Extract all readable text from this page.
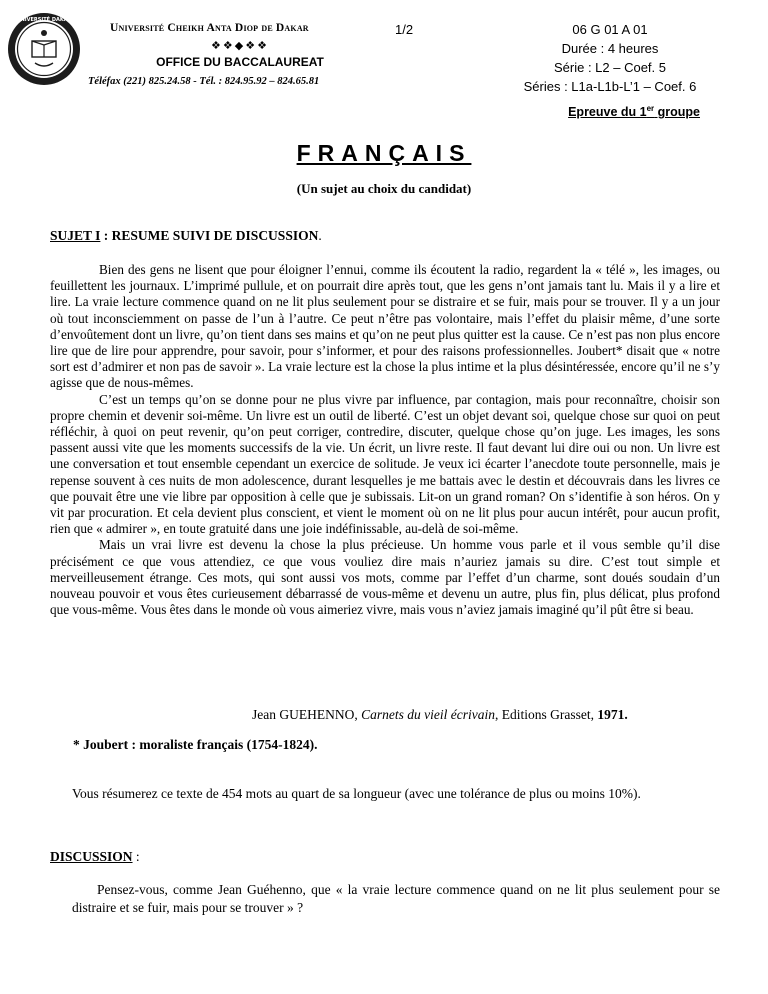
UNIVERSITÉ DAKAR
Université Cheikh Anta Diop de Dakar
❖❖◆❖❖
OFFICE DU BACCALAUREAT
Téléfax (221) 825.24.58 - Tél. : 824.95.92 – 824.65.81
1/2	06 G 01 A 01
Durée : 4 heures
Série : L2 – Coef. 5
Séries : L1a-L1b-L’1 – Coef. 6
Epreuve du 1er groupe
FRANÇAIS
(Un sujet au choix du candidat)
SUJET I : RESUME SUIVI DE DISCUSSION.

Bien des gens ne lisent que pour éloigner l’ennui, comme ils écoutent la radio, regardent la « télé », les images, ou feuillettent les journaux. L’imprimé pullule, et on pourrait dire après tout, que les gens n’ont jamais tant lu. Mais il y a lire et lire. La vraie lecture commence quand on ne lit plus seulement pour se distraire et se fuir, mais pour se trouver. Il y a un jour où tout inconsciemment on passe de l’un à l’autre. Ce peut n’être pas volontaire, mais l’effet du plaisir même, d’une sorte d’envoûtement dont un livre, qu’on tient dans ses mains et qu’on ne peut plus quitter est la cause. Ce n’est pas non plus encore lire que de lire pour apprendre, pour savoir, pour s’informer, et pour des raisons professionnelles. Joubert* disait que « notre sort est d’admirer et non pas de savoir ». La vraie lecture est la chose la plus intime et la plus désintéressée, encore qu’il ne s’y agisse que de nous-mêmes.

C’est un temps qu’on se donne pour ne plus vivre par influence, par contagion, mais pour reconnaître, choisir son propre chemin et devenir soi-même. Un livre est un outil de liberté. C’est un objet devant soi, quelque chose sur quoi on peut réfléchir, à quoi on peut revenir, qu’on peut corriger, contredire, discuter, quelque chose qu’on juge. Les images, les sons passent aussi vite que les moments successifs de la vie. Un écrit, un livre reste. Il faut devant lui dire oui ou non. Un livre est une conversation et tout ensemble cependant un exercice de solitude. Je veux ici écarter l’anecdote toute personnelle, mais je repense souvent à ces nuits de mon adolescence, durant lesquelles je me battais avec le destin et découvrais dans les livres ce que pouvait être une vie libre par opposition à celle que je subissais. Lit-on un grand roman? On s’identifie à son héros. On y vit par procuration. Et cela devient plus conscient, et vient le moment où on ne lit plus pour aucun intérêt, pour aucun profit, rien que « admirer », en toute gratuité dans une joie indéfinissable, au-delà de soi-même.

Mais un vrai livre est devenu la chose la plus précieuse. Un homme vous parle et il vous semble qu’il dise précisément ce que vous attendiez, ce que vous vouliez dire mais n’auriez jamais su dire. C’est tout simple et merveilleusement étrange. Ces mots, qui sont aussi vos mots, comme par l’effet d’un charme, sont doués soudain d’un nouveau pouvoir et vous êtes curieusement débarrassé de vous-même et devenu un autre, plus fin, plus délicat, plus profond que vous-même. Vous êtes dans le monde où vous aimeriez vivre, mais vous n’aviez jamais imaginé qu’il pût être si beau.

Jean GUEHENNO, Carnets du vieil écrivain, Editions Grasset, 1971.
* Joubert : moraliste français (1754-1824).

Vous résumerez ce texte de 454 mots au quart de sa longueur (avec une tolérance de plus ou moins 10%).

DISCUSSION :

Pensez-vous, comme Jean Guéhenno, que « la vraie lecture commence quand on ne lit plus seulement pour se distraire et se fuir, mais pour se trouver » ?
